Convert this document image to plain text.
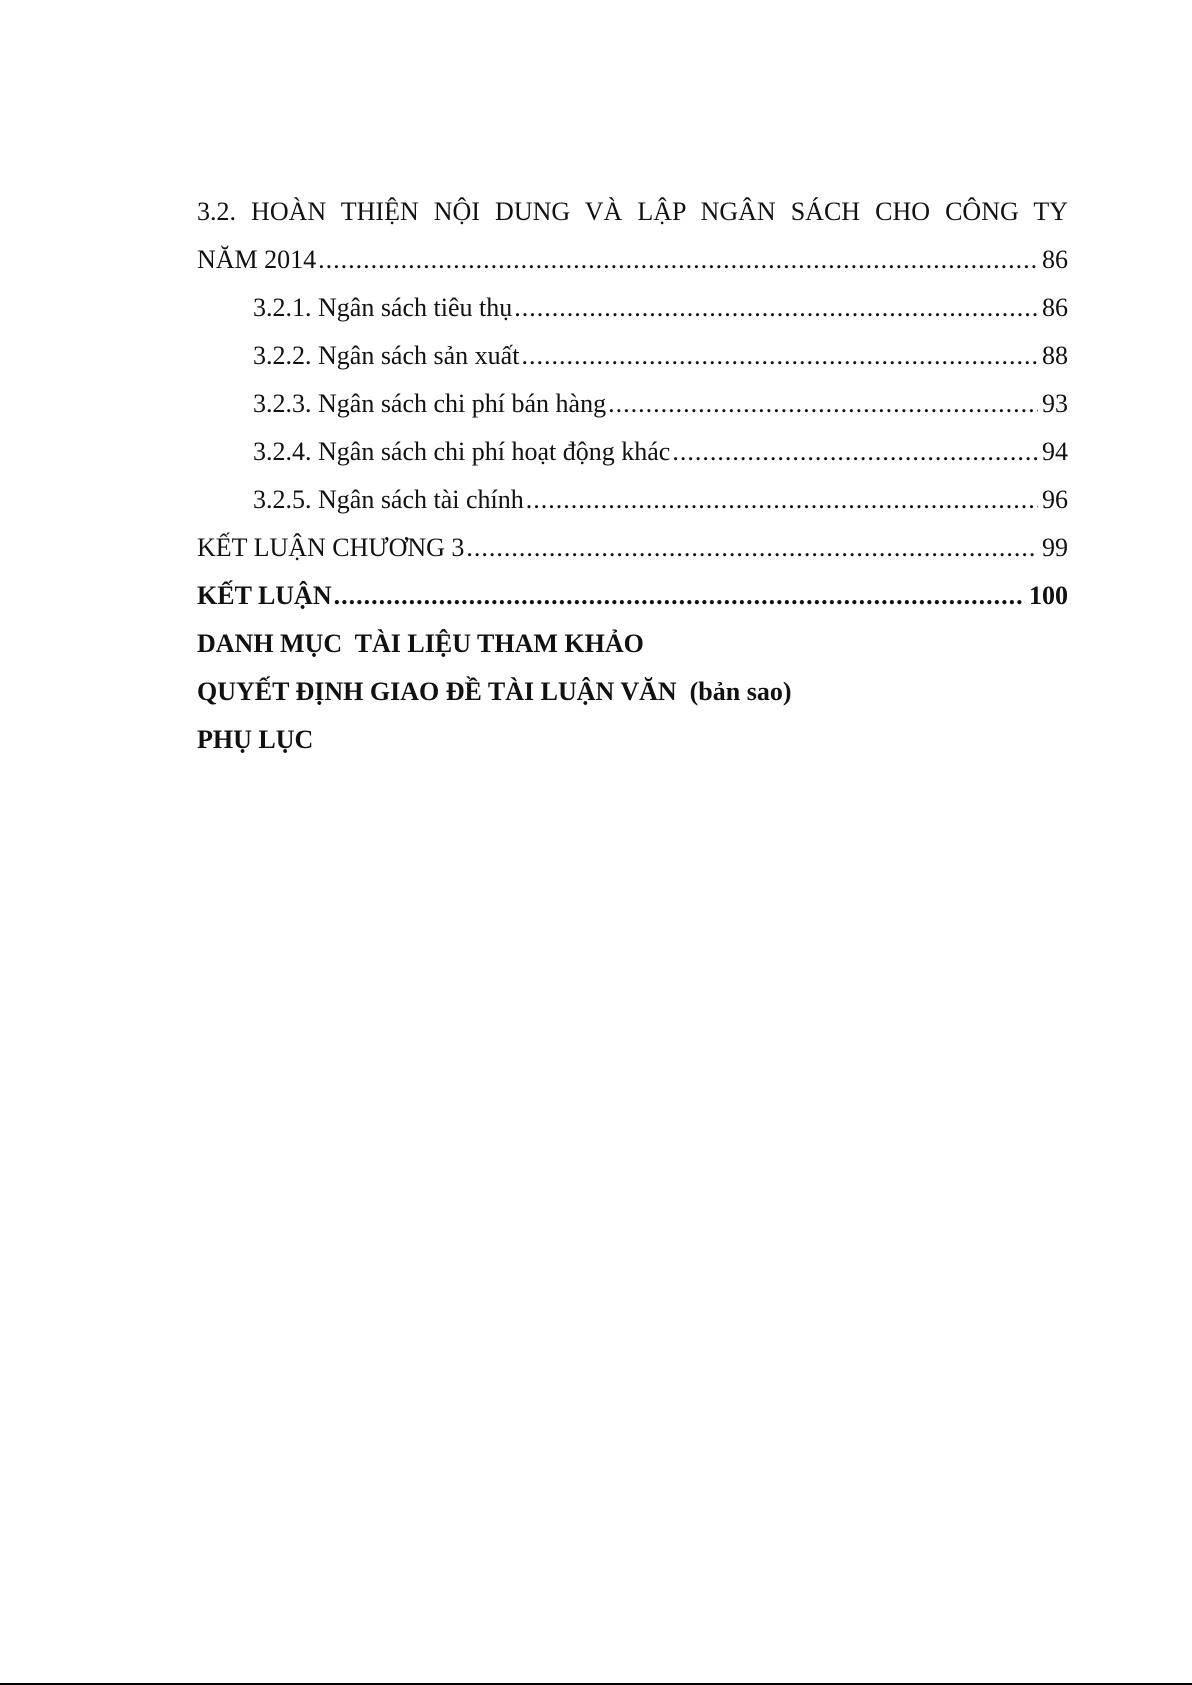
3.2. HOÀN THIỆN NỘI DUNG VÀ LẬP NGÂN SÁCH CHO CÔNG TY
NĂM 2014 .....	86
3.2.1. Ngân sách tiêu thụ .....	86
3.2.2. Ngân sách sản xuất .....	88
3.2.3. Ngân sách chi phí bán hàng .....	93
3.2.4. Ngân sách chi phí hoạt động khác .....	94
3.2.5. Ngân sách tài chính .....	96
KẾT LUẬN CHƯƠNG 3 .....	99
KẾT LUẬN .....	100
DANH MỤC  TÀI LIỆU THAM KHẢO
QUYẾT ĐỊNH GIAO ĐỀ TÀI LUẬN VĂN  (bản sao)
PHỤ LỤC
